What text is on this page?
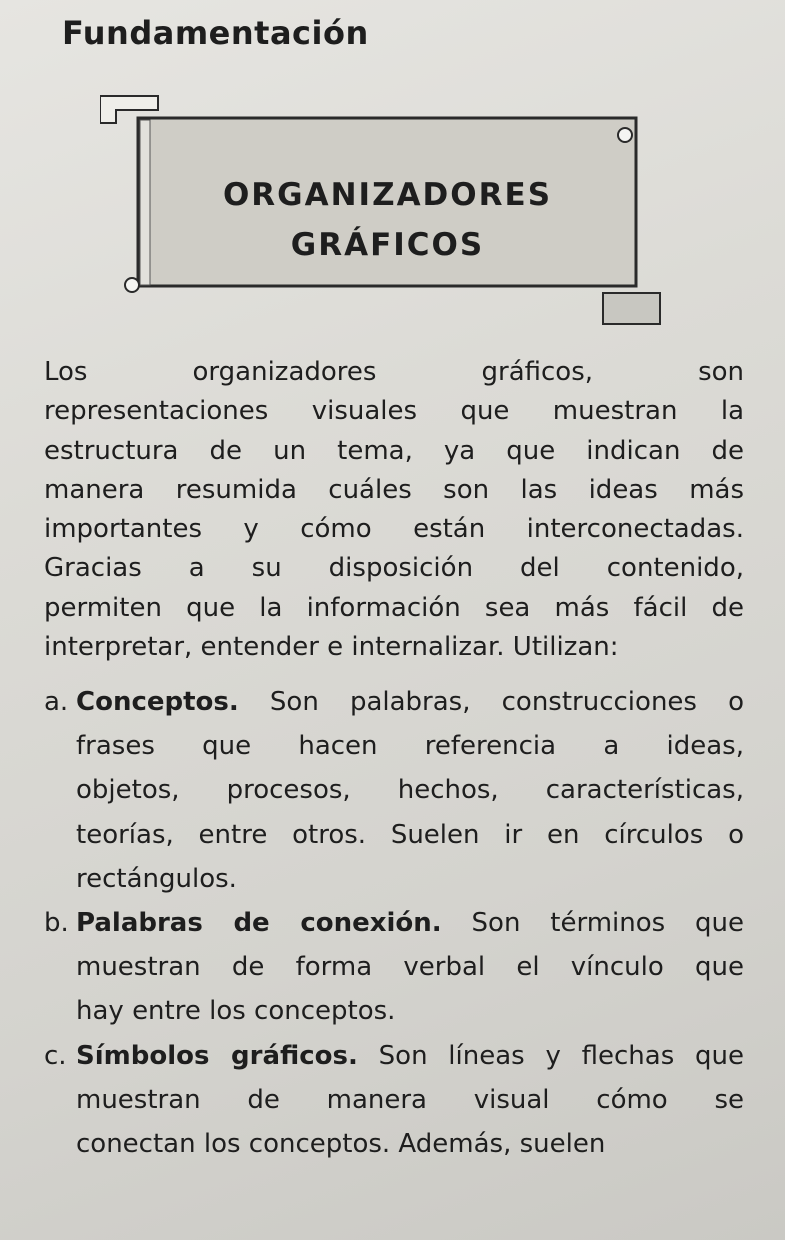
Fundamentación
ORGANIZADORES
GRÁFICOS

Los organizadores gráficos, son
representaciones visuales que muestran la
estructura de un tema, ya que indican de
manera resumida cuáles son las ideas más
importantes y cómo están interconectadas.
Gracias a su disposición del contenido,
permiten que la información sea más fácil de
interpretar, entender e internalizar. Utilizan:

a. Conceptos. Son palabras, construcciones o
frases que hacen referencia a ideas,
objetos, procesos, hechos, características,
teorías, entre otros. Suelen ir en círculos o
rectángulos.
b. Palabras de conexión. Son términos que
muestran de forma verbal el vínculo que
hay entre los conceptos.
c. Símbolos gráficos. Son líneas y flechas que
muestran de manera visual cómo se
conectan los conceptos. Además, suelen
